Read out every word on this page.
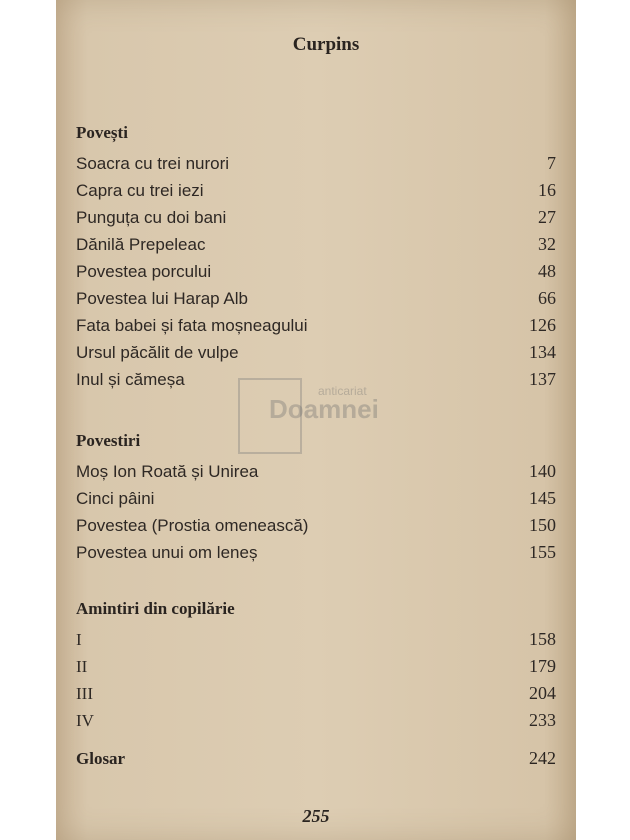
anticariat
Doamnei
Curpins
Povești
Soacra cu trei nurori	7
Capra cu trei iezi	16
Punguța cu doi bani	27
Dănilă Prepeleac	32
Povestea porcului	48
Povestea lui Harap Alb	66
Fata babei și fata moșneagului	126
Ursul păcălit de vulpe	134
Inul și cămeșa	137
Povestiri
Moș Ion Roată și Unirea	140
Cinci pâini	145
Povestea (Prostia omenească)	150
Povestea unui om leneș	155
Amintiri din copilărie
I	158
II	179
III	204
IV	233
Glosar	242
255
